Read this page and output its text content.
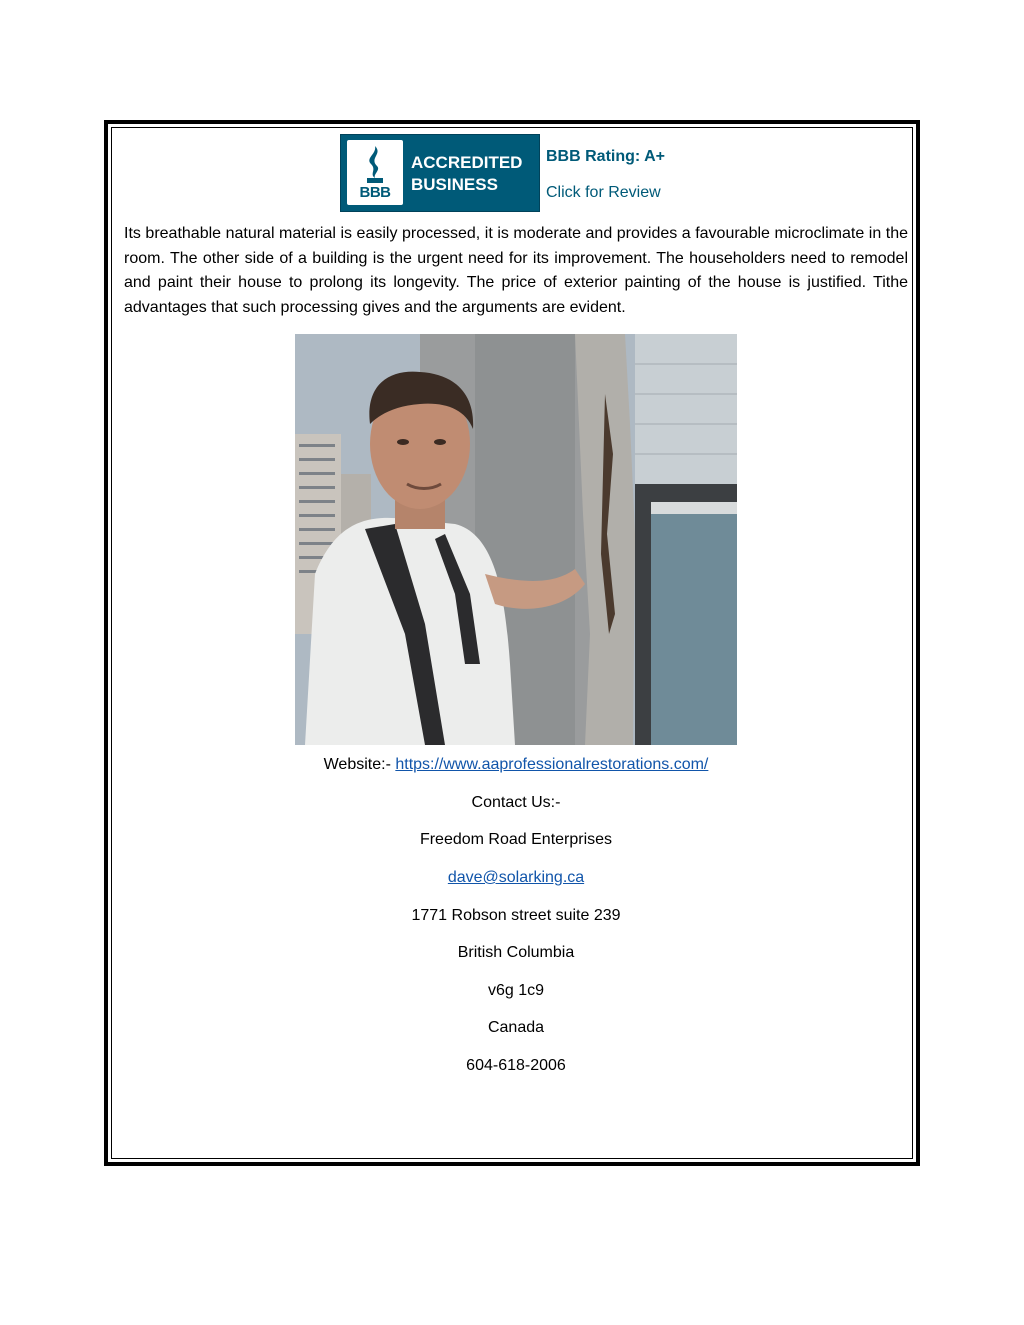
BBB
ACCREDITED
BUSINESS
BBB Rating: A+
Click for Review
Its breathable natural material is easily processed, it is moderate and provides a favourable microclimate in the room. The other side of a building is the urgent need for its improvement. The householders need to remodel and paint their house to prolong its longevity. The price of exterior painting of the house is justified. Tithe advantages that such processing gives and the arguments are evident.
Website:- https://www.aaprofessionalrestorations.com/
Contact Us:-
Freedom Road Enterprises
dave@solarking.ca
1771 Robson street suite 239
British Columbia
v6g 1c9
Canada
604-618-2006
